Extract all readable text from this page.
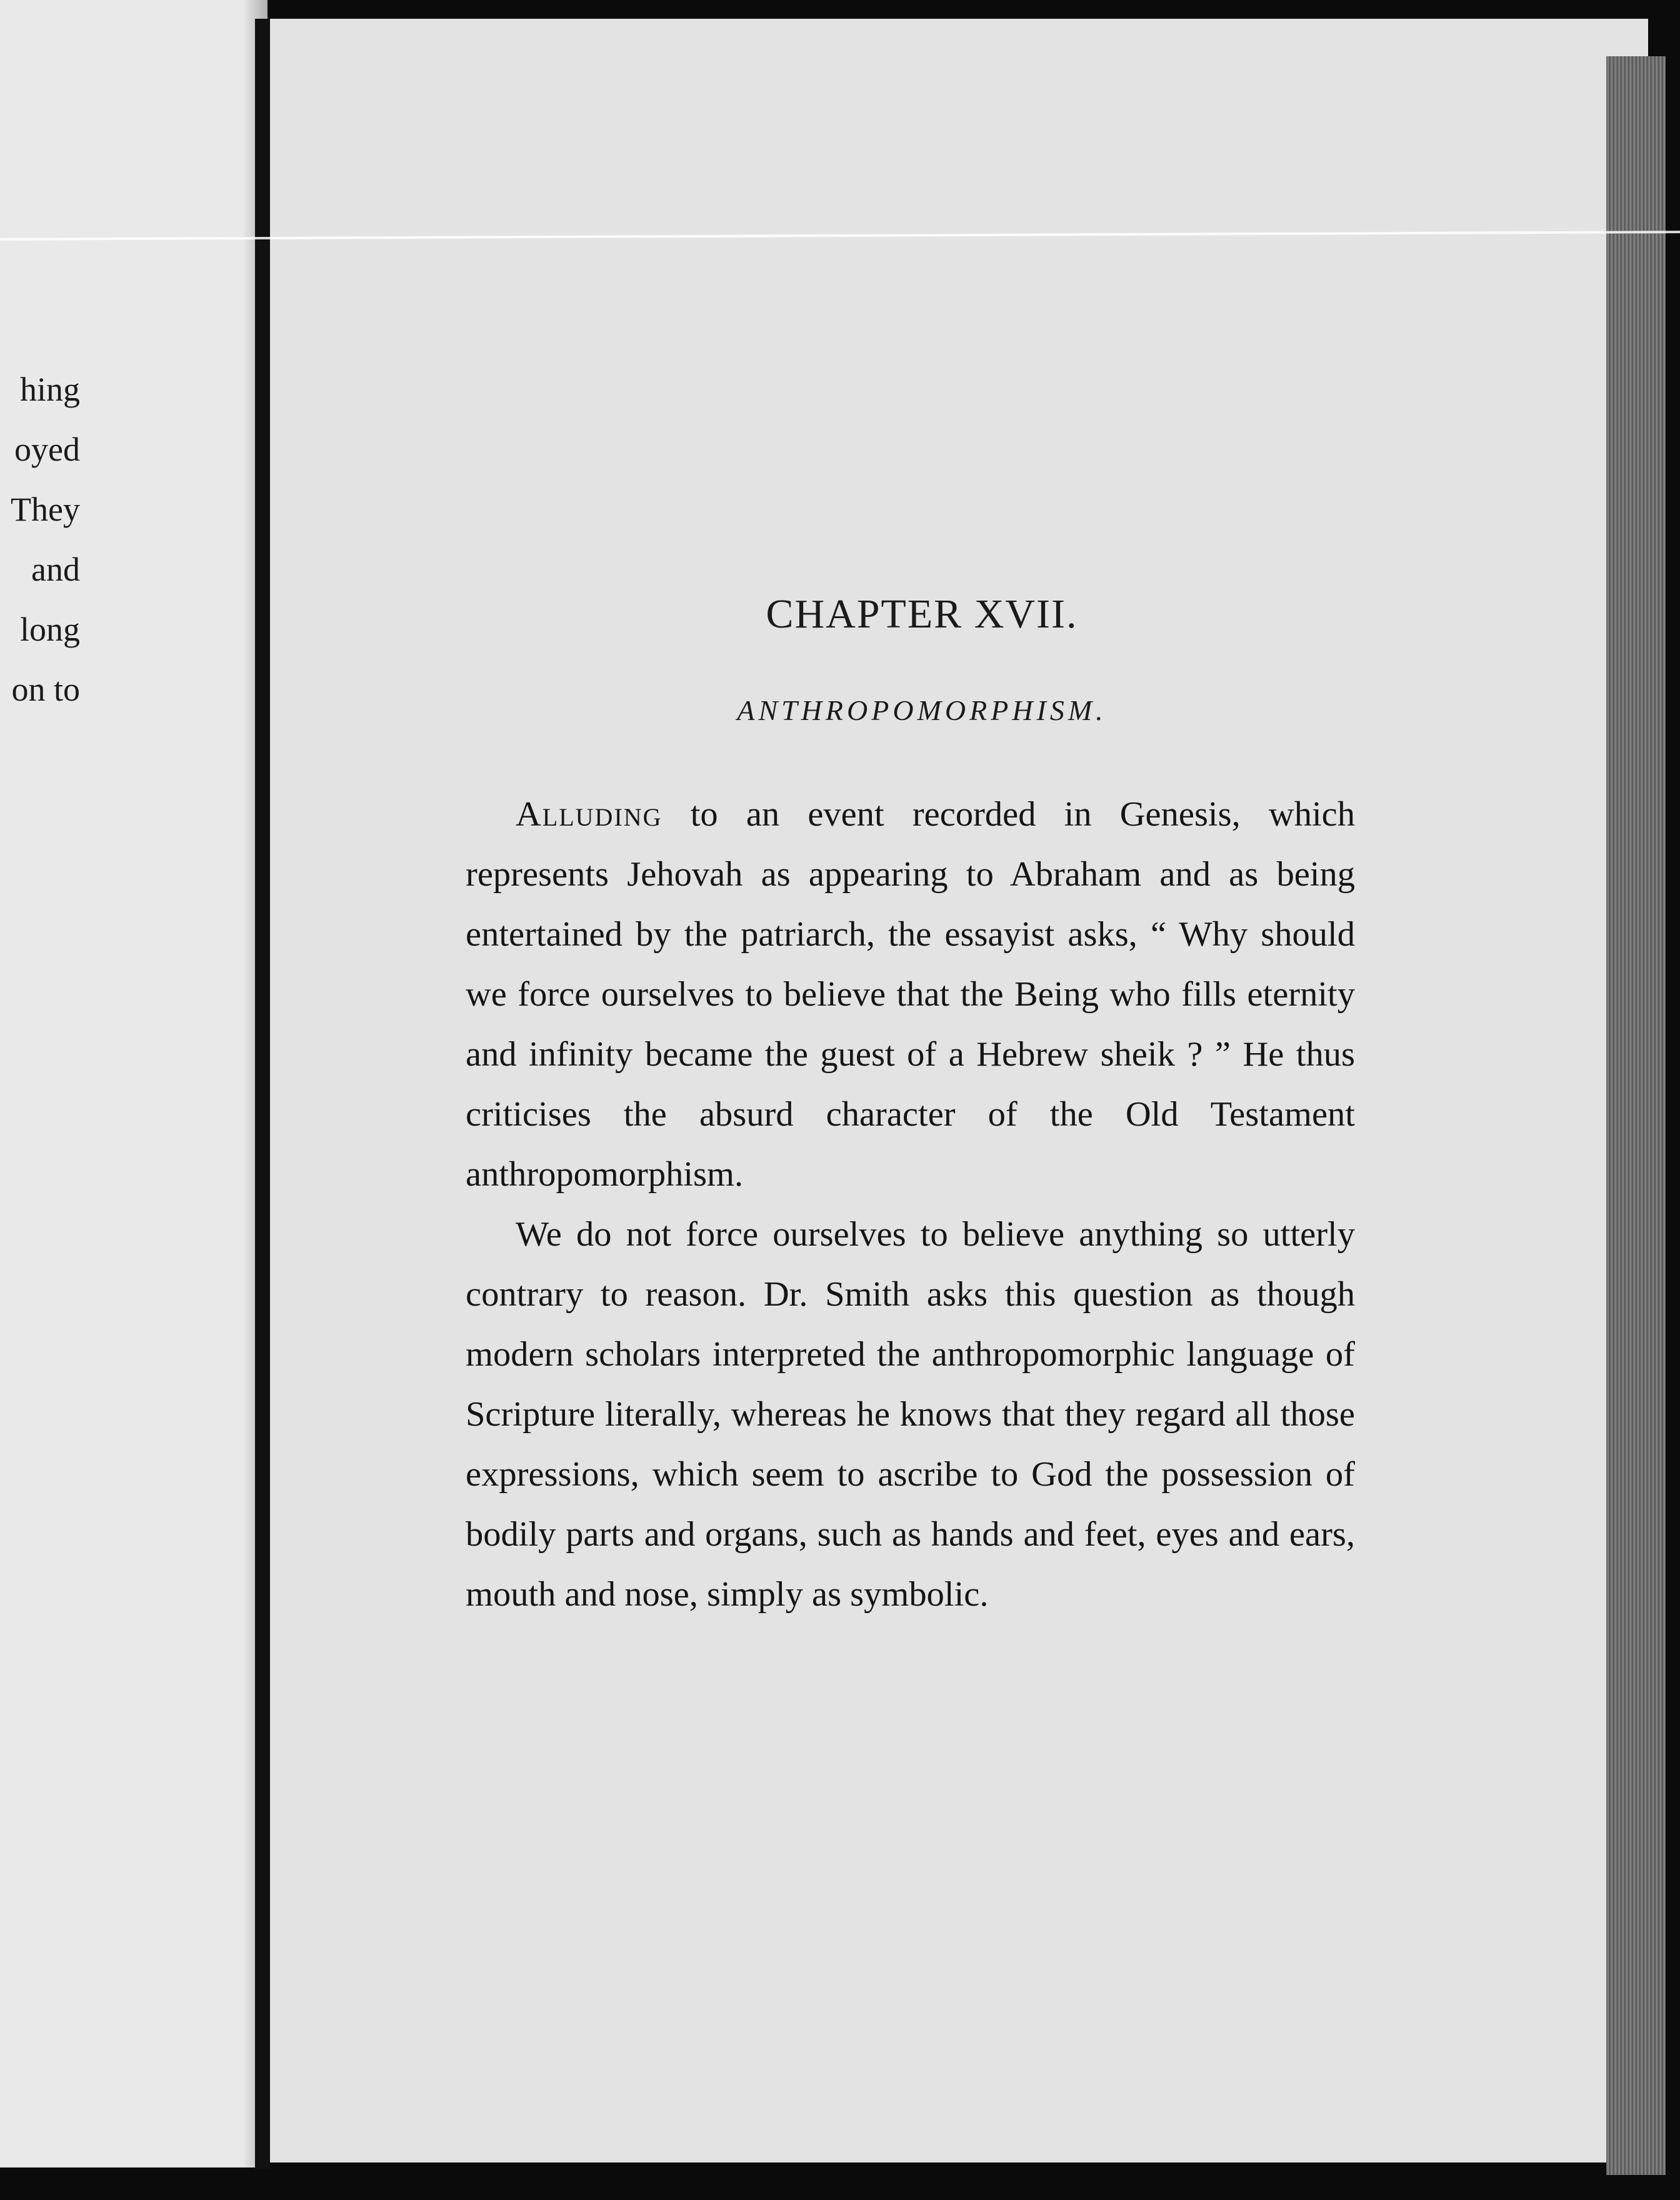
hing
oyed
They
and
long
on to
CHAPTER XVII.
ANTHROPOMORPHISM.

Alluding to an event recorded in Genesis, which represents Jehovah as appearing to Abraham and as being entertained by the patriarch, the essayist asks, “ Why should we force ourselves to believe that the Being who fills eternity and infinity became the guest of a Hebrew sheik ? ” He thus criticises the absurd character of the Old Testament anthropomorphism.

We do not force ourselves to believe anything so utterly contrary to reason. Dr. Smith asks this question as though modern scholars interpreted the anthropomorphic language of Scripture literally, whereas he knows that they regard all those expressions, which seem to ascribe to God the possession of bodily parts and organs, such as hands and feet, eyes and ears, mouth and nose, simply as symbolic.
